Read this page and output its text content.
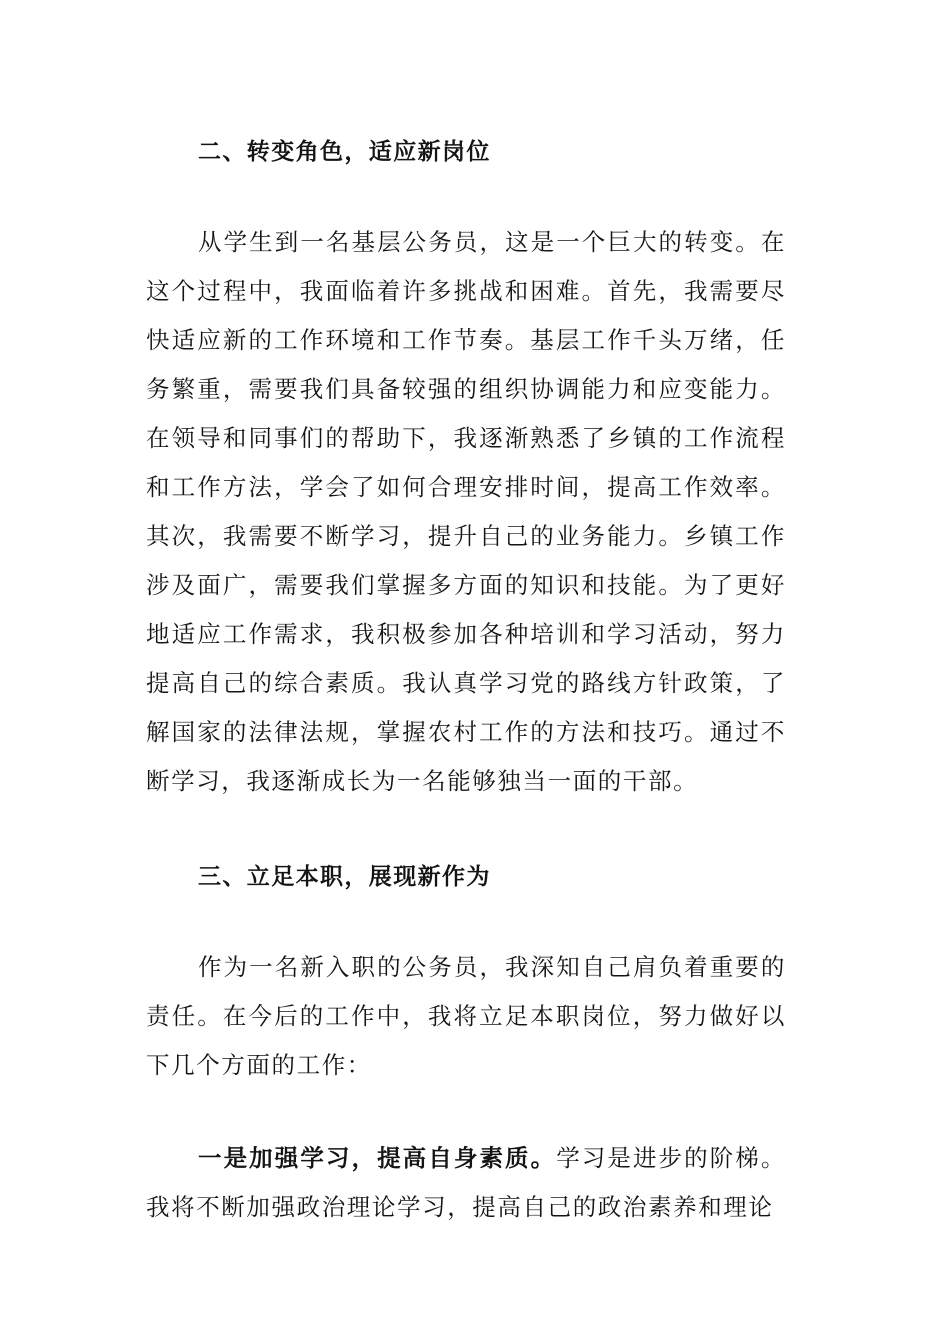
二、转变角色，适应新岗位

从学生到一名基层公务员，这是一个巨大的转变。在这个过程中，我面临着许多挑战和困难。首先，我需要尽快适应新的工作环境和工作节奏。基层工作千头万绪，任务繁重，需要我们具备较强的组织协调能力和应变能力。在领导和同事们的帮助下，我逐渐熟悉了乡镇的工作流程和工作方法，学会了如何合理安排时间，提高工作效率。其次，我需要不断学习，提升自己的业务能力。乡镇工作涉及面广，需要我们掌握多方面的知识和技能。为了更好地适应工作需求，我积极参加各种培训和学习活动，努力提高自己的综合素质。我认真学习党的路线方针政策，了解国家的法律法规，掌握农村工作的方法和技巧。通过不断学习，我逐渐成长为一名能够独当一面的干部。

三、立足本职，展现新作为

作为一名新入职的公务员，我深知自己肩负着重要的责任。在今后的工作中，我将立足本职岗位，努力做好以下几个方面的工作：

一是加强学习，提高自身素质。学习是进步的阶梯。我将不断加强政治理论学习，提高自己的政治素养和理论
